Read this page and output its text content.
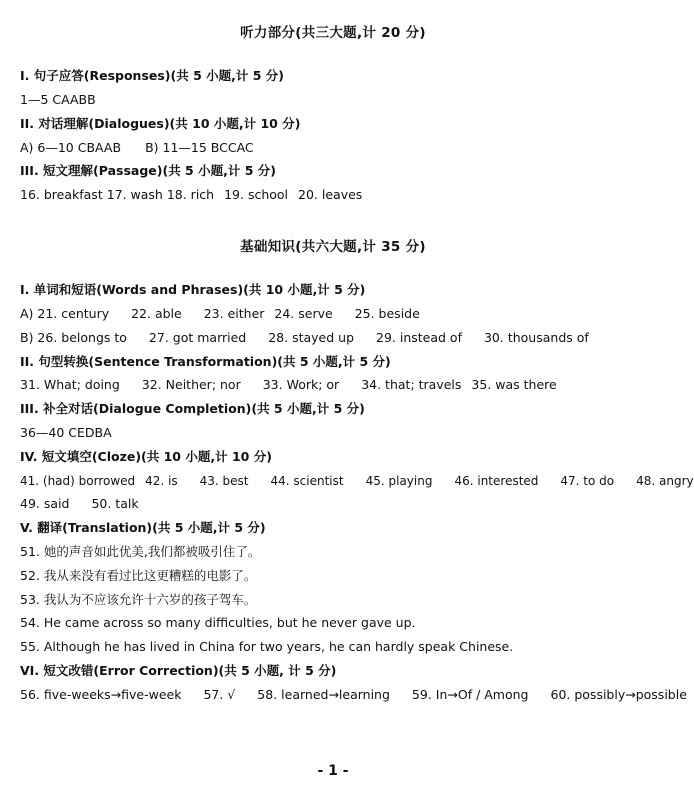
听力部分(共三大题,计 20 分)
I. 句子应答(Responses)(共 5 小题,计 5 分)
1—5 CAABB
II. 对话理解(Dialogues)(共 10 小题,计 10 分)
A) 6—10 CBAAB B) 11—15 BCCAC
III. 短文理解(Passage)(共 5 小题,计 5 分)
16. breakfast 17. wash 18. rich 19. school 20. leaves
基础知识(共六大题,计 35 分)
I. 单词和短语(Words and Phrases)(共 10 小题,计 5 分)
A) 21. century 22. able 23. either 24. serve 25. beside
B) 26. belongs to 27. got married 28. stayed up 29. instead of 30. thousands of
II. 句型转换(Sentence Transformation)(共 5 小题,计 5 分)
31. What; doing 32. Neither; nor 33. Work; or 34. that; travels 35. was there
III. 补全对话(Dialogue Completion)(共 5 小题,计 5 分)
36—40 CEDBA
IV. 短文填空(Cloze)(共 10 小题,计 10 分)
41. (had) borrowed 42. is 43. best 44. scientist 45. playing 46. interested 47. to do 48. angry
49. said 50. talk
V. 翻译(Translation)(共 5 小题,计 5 分)
51. 她的声音如此优美,我们都被吸引住了。
52. 我从来没有看过比这更糟糕的电影了。
53. 我认为不应该允许十六岁的孩子驾车。
54. He came across so many difficulties, but he never gave up.
55. Although he has lived in China for two years, he can hardly speak Chinese.
VI. 短文改错(Error Correction)(共 5 小题, 计 5 分)
56. five-weeks→five-week 57. √ 58. learned→learning 59. In→Of / Among 60. possibly→possible
- 1 -
